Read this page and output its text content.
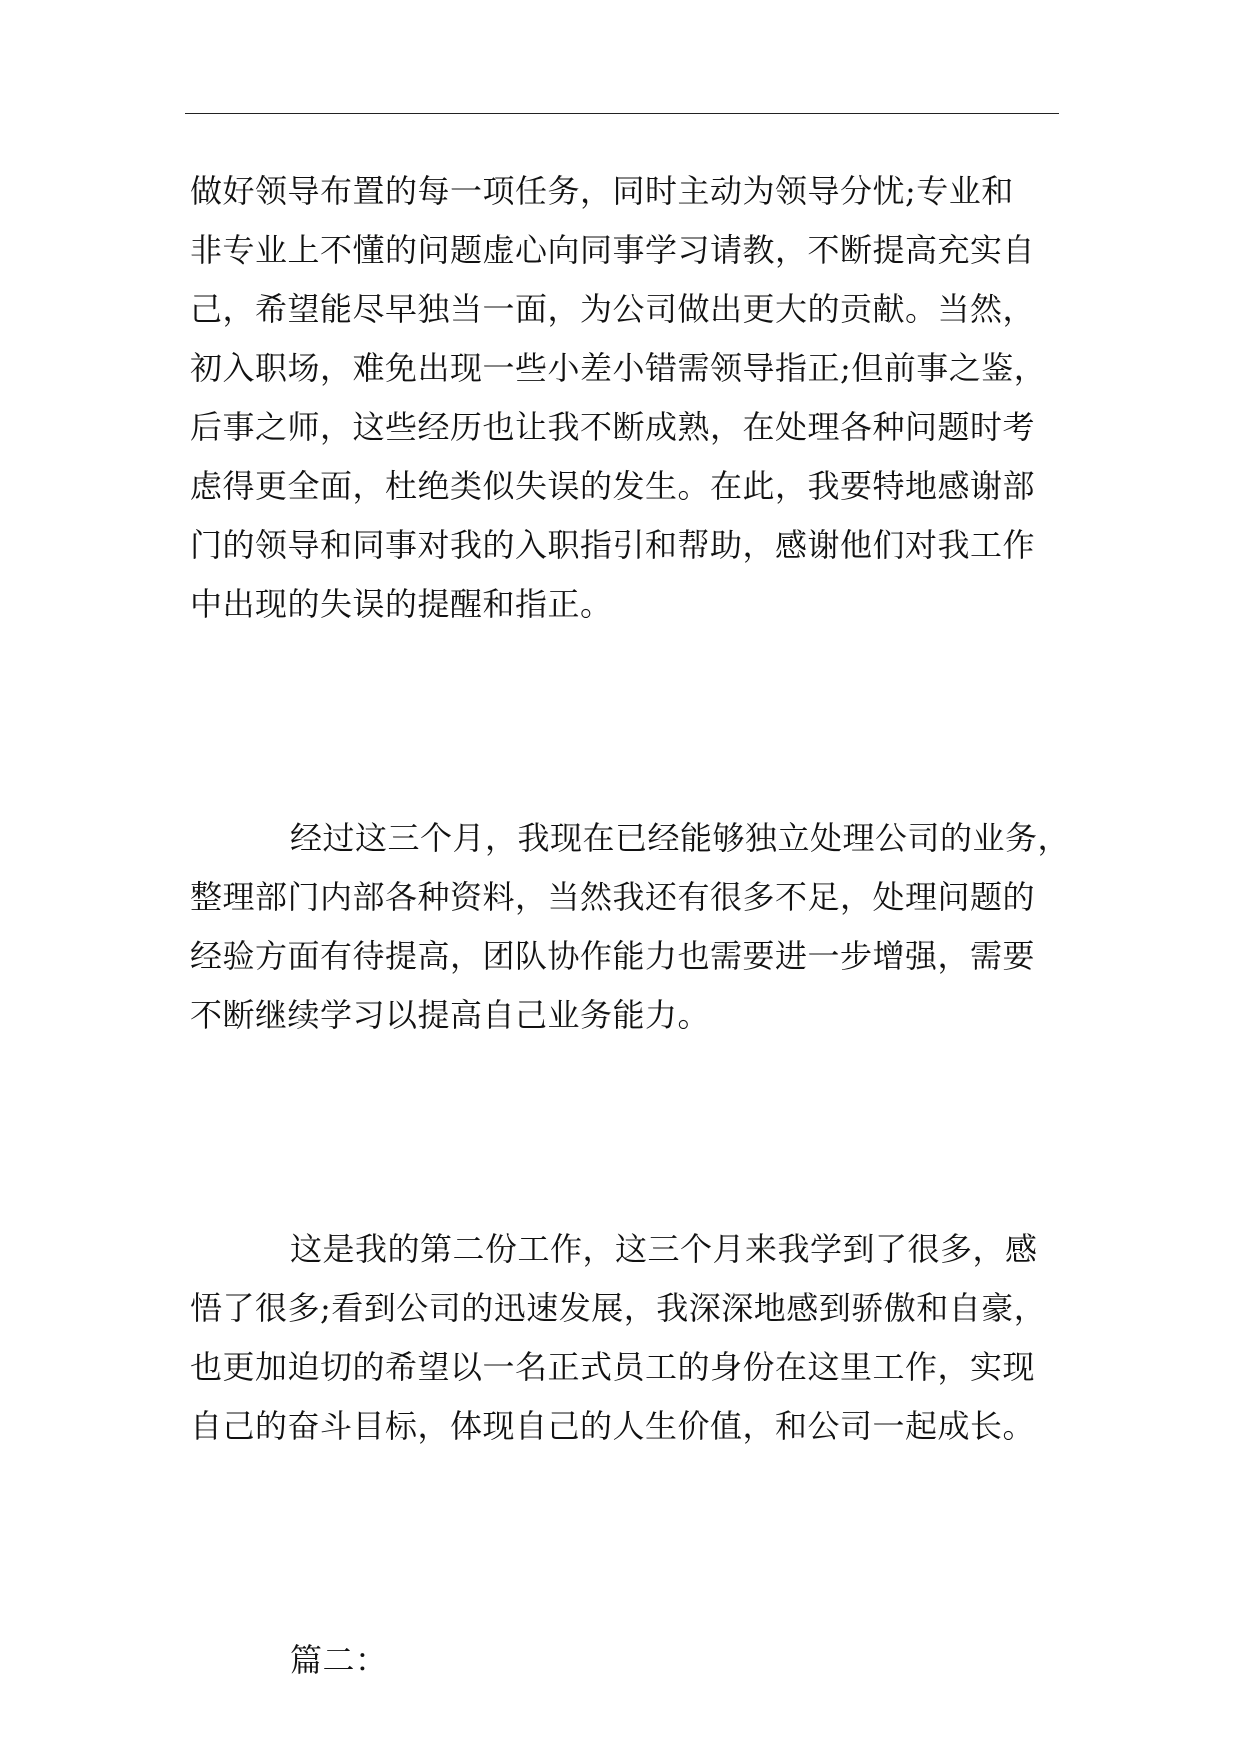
做好领导布置的每一项任务，同时主动为领导分忧;专业和
非专业上不懂的问题虚心向同事学习请教，不断提高充实自
己，希望能尽早独当一面，为公司做出更大的贡献。当然，
初入职场，难免出现一些小差小错需领导指正;但前事之鉴，
后事之师，这些经历也让我不断成熟，在处理各种问题时考
虑得更全面，杜绝类似失误的发生。在此，我要特地感谢部
门的领导和同事对我的入职指引和帮助，感谢他们对我工作
中出现的失误的提醒和指正。
经过这三个月，我现在已经能够独立处理公司的业务，
整理部门内部各种资料，当然我还有很多不足，处理问题的
经验方面有待提高，团队协作能力也需要进一步增强，需要
不断继续学习以提高自己业务能力。
这是我的第二份工作，这三个月来我学到了很多，感
悟了很多;看到公司的迅速发展，我深深地感到骄傲和自豪，
也更加迫切的希望以一名正式员工的身份在这里工作，实现
自己的奋斗目标，体现自己的人生价值，和公司一起成长。
篇二：
